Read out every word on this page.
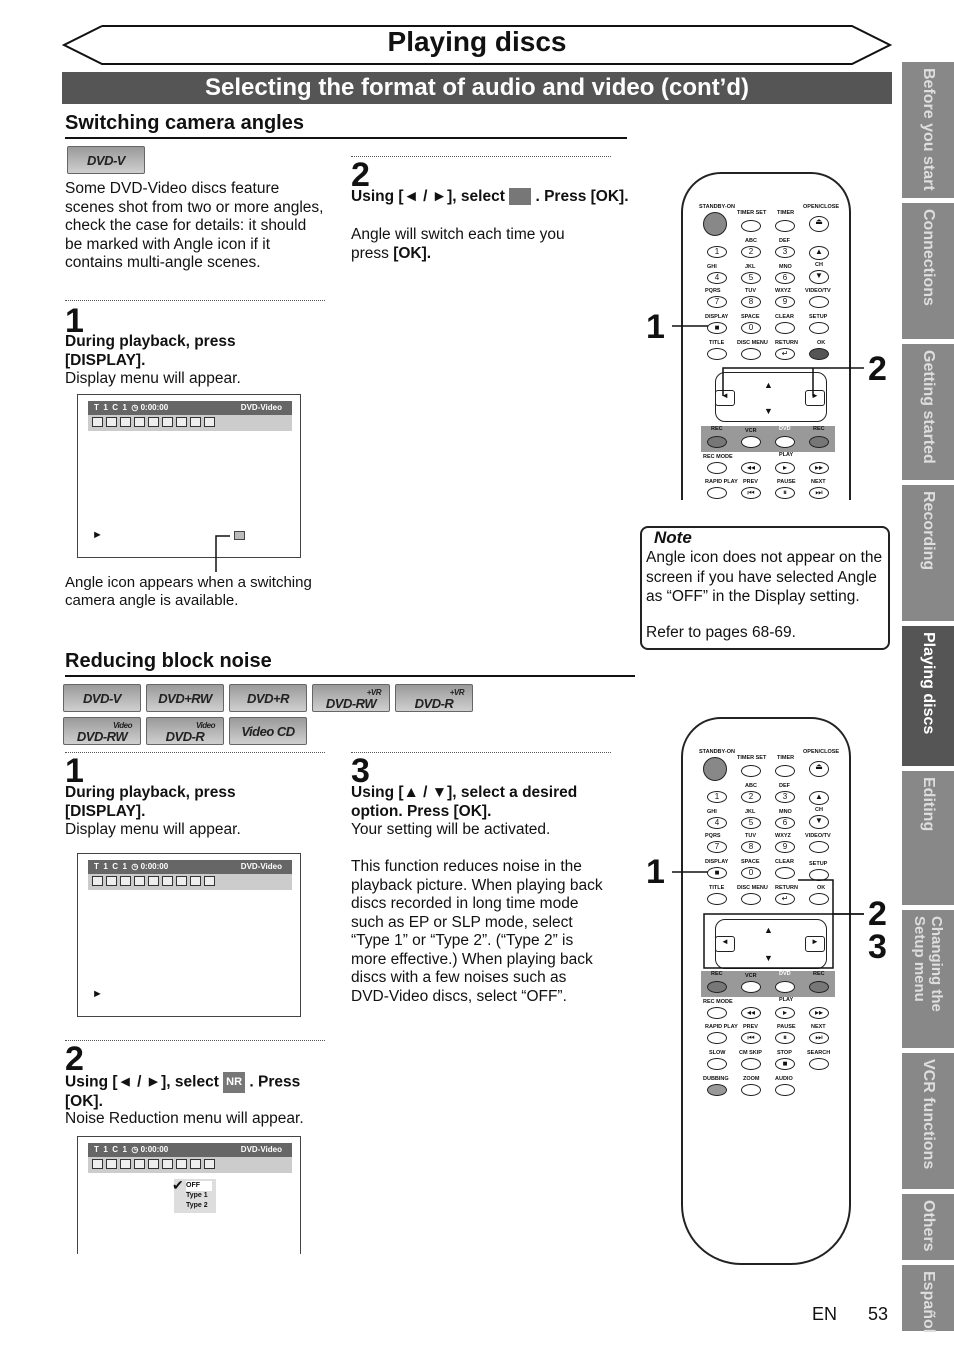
Playing discs
Selecting the format of audio and video (cont’d)
Switching camera angles
DVD-V
Some DVD-Video discs feature scenes shot from two or more angles, check the case for details: it should be marked with Angle icon if it contains multi-angle scenes.
1
During playback, press [DISPLAY].
Display menu will appear.
T  1  C  1  ◷ 0:00:00	DVD-Video
►
Angle icon appears when a switching camera angle is available.
2
Using [◄ / ►], select . Press [OK].
Angle will switch each time you press [OK].
Note
Angle icon does not appear on the screen if you have selected Angle as “OFF” in the Display setting.
Refer to pages 68-69.
Reducing block noise
DVD-V	DVD+RW	DVD+R	+VR
DVD-RW
+VR
DVD-R
Video
DVD-RW
Video
DVD-R	Video CD
1
During playback, press [DISPLAY].
Display menu will appear.
T  1  C  1  ◷ 0:00:00	DVD-Video
►
2
Using [◄ / ►], select NR . Press [OK].
Noise Reduction menu will appear.
T  1  C  1  ◷ 0:00:00	DVD-Video
OFF
Type 1
Type 2
✔
3
Using [▲ / ▼], select a desired option. Press [OK].
Your setting will be activated.
This function reduces noise in the playback picture. When playing back discs recorded in long time mode such as EP or SLP mode, select “Type 1” or “Type 2”. (“Type 2” is more effective.) When playing back discs with a few noises such as DVD-Video discs, select “OFF”.
STANDBY-ON
TIMER SET TIMER
OPEN/CLOSE
⏏
ABC	DEF
1	2	3	▲
GHI	JKL	MNO	CH
4	5	6	▼
PQRS	TUV	WXYZ	VIDEO/TV
7	8	9
DISPLAY SPACE	CLEAR	SETUP
■	0
TITLE DISC MENU RETURN	OK
↵
◄	►
▲
▼
REC	VCR	DVD	REC
REC MODE	PLAY
◂◂	▸	▸▸
RAPID PLAY PREV	PAUSE	NEXT
⏮	⏸	⏭
1
2
STANDBY-ON
TIMER SET TIMER
OPEN/CLOSE
⏏
ABC	DEF
1	2	3	▲
GHI	JKL	MNO	CH
4	5	6	▼
PQRS	TUV	WXYZ	VIDEO/TV
7	8	9
DISPLAY SPACE	CLEAR	SETUP
■	0
TITLE DISC MENU RETURN	OK
↵
◄	►
▲
▼
REC	VCR	DVD	REC
REC MODE	PLAY
◂◂	▸	▸▸
RAPID PLAY PREV	PAUSE	NEXT
⏮	⏸	⏭
SLOW CM SKIP	STOP	SEARCH
■
DUBBING	ZOOM	AUDIO
1
2
3
Before you start
Connections
Getting started
Recording
Playing discs
Editing
Changing the Setup menu
VCR functions
Others
Español
EN 53
